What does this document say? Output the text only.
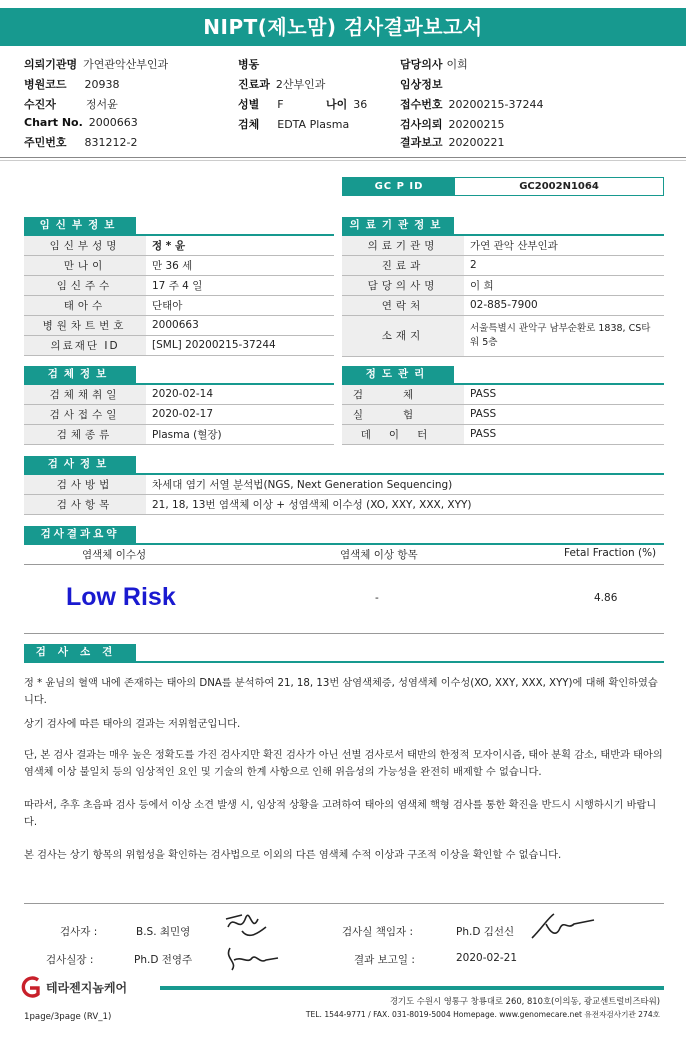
NIPT(제노맘) 검사결과보고서
의뢰기관명 가연관악산부인과
병원코드 20938
수진자	정서윤
Chart No. 2000663
주민번호 831212-2
병동
진료과 2산부인과
성별 F	나이 36
검체 EDTA Plasma
담당의사 이희
임상정보
접수번호 20200215-37244
검사의뢰 20200215
결과보고 20200221
GC P ID	GC2002N1064
임신부정보
임신부성명	정 * 윤
만나이	만 36 세
임신주수	17 주 4 일
태아수	단태아
병원차트번호	2000663
의료재단 ID	[SML] 20200215-37244
의료기관정보
의료기관명	가연 관악 산부인과
진료과	2
담당의사명	이 희
연락처	02-885-7900
소재지	서울특별시 관악구 남부순환로 1838, CS타워 5층
검체정보
검체채취일	2020-02-14
검사접수일	2020-02-17
검체종류	Plasma (혈장)
정도관리
검체	PASS
실험	PASS
데이터	PASS
검사정보
검사방법	차세대 염기 서열 분석법(NGS, Next Generation Sequencing)
검사항목	21, 18, 13번 염색체 이상 + 성염색체 이수성 (XO, XXY, XXX, XYY)
검사결과요약
염색체 이수성	염색체 이상 항목	Fetal Fraction (%)
Low Risk	-	4.86
검사소견
정 * 윤님의 혈액 내에 존재하는 태아의 DNA를 분석하여 21, 18, 13번 삼염색체증, 성염색체 이수성(XO, XXY, XXX, XYY)에 대해 확인하였습니다.
상기 검사에 따른 태아의 결과는 저위험군입니다.
단, 본 검사 결과는 매우 높은 정확도를 가진 검사지만 확진 검사가 아닌 선별 검사로서 태반의 한정적 모자이시즘, 태아 분획 감소, 태반과 태아의 염색체 이상 불일치 등의 임상적인 요인 및 기술의 한계 사항으로 인해 위음성의 가능성을 완전히 배제할 수 없습니다.
따라서, 추후 초음파 검사 등에서 이상 소견 발생 시, 임상적 상황을 고려하여 태아의 염색체 핵형 검사를 통한 확진을 반드시 시행하시기 바랍니다.
본 검사는 상기 항목의 위험성을 확인하는 검사법으로 이외의 다른 염색체 수적 이상과 구조적 이상을 확인할 수 없습니다.
검사자 :	B.S. 최민영	검사실 책임자 :	Ph.D 김선신
검사실장 :	Ph.D 전영주	결과 보고일 :	2020-02-21
테라젠지놈케어
경기도 수원시 영통구 창룡대로 260, 810호(이의동, 광교센트럴비즈타워)
TEL. 1544-9771 / FAX. 031-8019-5004 Homepage. www.genomecare.net 유전자검사기관 274호
1page/3page (RV_1)
